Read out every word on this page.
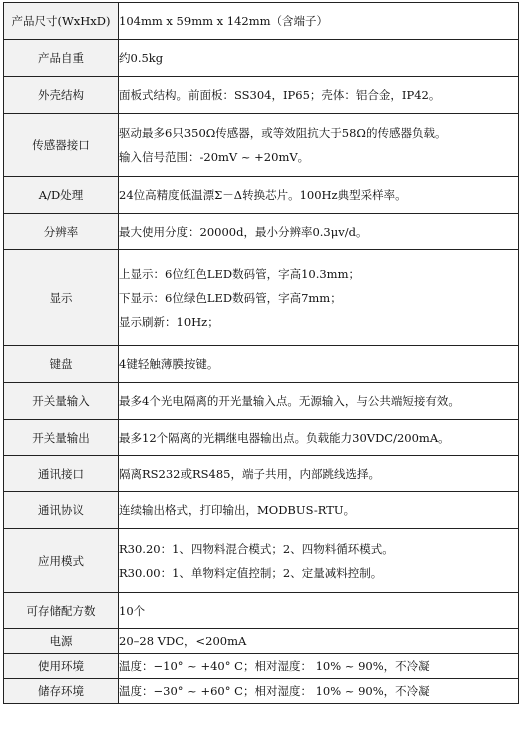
产品尺寸(WxHxD)	104mm x 59mm x 142mm（含端子）

产品自重	约0.5kg

外壳结构	面板式结构。前面板：SS304，IP65；壳体：铝合金，IP42。

传感器接口	驱动最多6只350Ω传感器，或等效阻抗大于58Ω的传感器负载。
输入信号范围：-20mV ~ +20mV。

A/D处理	24位高精度低温漂Σ－Δ转换芯片。100Hz典型采样率。

分辨率	最大使用分度：20000d，最小分辨率0.3μv/d。

显示	上显示：6位红色LED数码管，字高10.3mm；
下显示：6位绿色LED数码管，字高7mm；
显示刷新：10Hz；

键盘	4键轻触薄膜按键。

开关量输入	最多4个光电隔离的开光量输入点。无源输入，与公共端短接有效。

开关量输出	最多12个隔离的光耦继电器输出点。负载能力30VDC/200mA。

通讯接口	隔离RS232或RS485，端子共用，内部跳线选择。

通讯协议	连续输出格式，打印输出，MODBUS-RTU。

应用模式	R30.20：1、四物料混合模式；2、四物料循环模式。
R30.00：1、单物料定值控制；2、定量减料控制。

可存储配方数	10个

电源	20–28 VDC，<200mA

使用环境	温度：−10° ~ +40° C；相对湿度： 10% ~ 90%，不冷凝

储存环境	温度：−30° ~ +60° C；相对湿度： 10% ~ 90%，不冷凝
